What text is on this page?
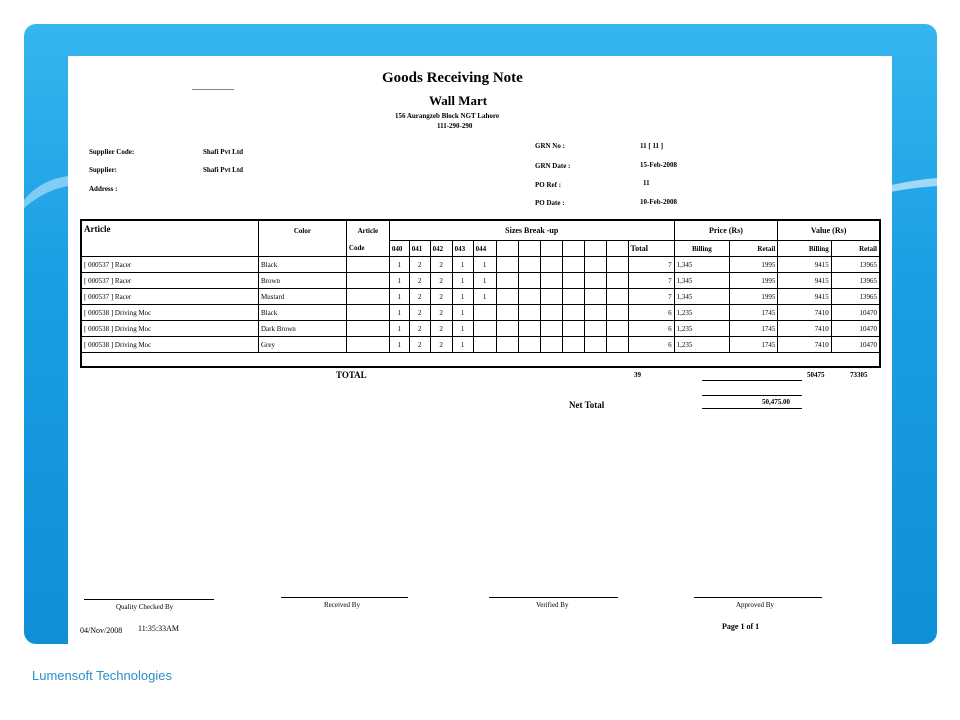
Goods Receiving Note
Wall Mart
156 Aurangzeb Block NGT Lahore
111-290-290
Supplier Code:	Shafi Pvt Ltd
Supplier:	Shafi Pvt Ltd
Address :
GRN No :	11 [ 11 ]
GRN Date :	15-Feb-2008
PO Ref :	11
PO Date :	10-Feb-2008
Article	Color	Article	Sizes Break -up												Price (Rs)		Value (Rs)	
		Code	040	041	042	043	044							Total	Billing	Retail	Billing	Retail
[ 000537 ] Racer	Black		1	2	2	1	1							7	1,345	1995	9415	13965
[ 000537 ] Racer	Brown		1	2	2	1	1							7	1,345	1995	9415	13965
[ 000537 ] Racer	Mustard		1	2	2	1	1							7	1,345	1995	9415	13965
[ 000538 ] Driving Moc	Black		1	2	2	1								6	1,235	1745	7410	10470
[ 000538 ] Driving Moc	Dark Brown		1	2	2	1								6	1,235	1745	7410	10470
[ 000538 ] Driving Moc	Grey		1	2	2	1								6	1,235	1745	7410	10470

TOTAL	39	50475	73305
Net Total	50,475.00
Quality Checked By	Received By	Verified By	Approved By
04/Nov/2008 11:35:33AM	Page 1 of 1
Lumensoft Technologies
